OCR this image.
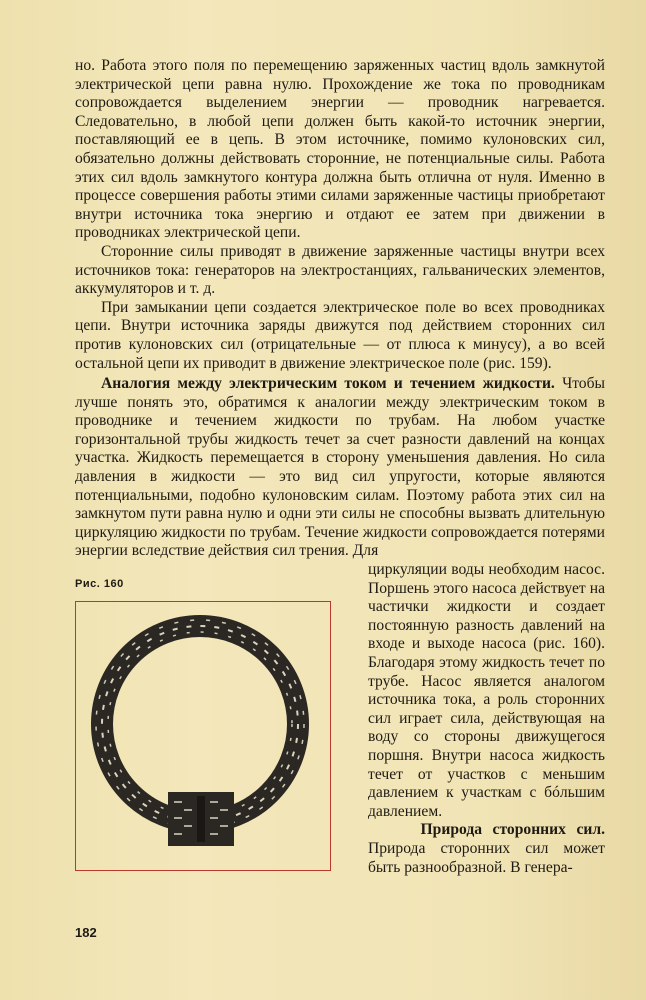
но. Работа этого поля по перемещению заряженных частиц вдоль замкнутой электрической цепи равна нулю. Прохождение же тока по проводникам сопровождается выделением энергии — проводник нагревается. Следовательно, в любой цепи должен быть какой-то источник энергии, поставляющий ее в цепь. В этом источнике, помимо кулоновских сил, обязательно должны действовать сторонние, не потенциальные силы. Работа этих сил вдоль замкнутого контура должна быть отлична от нуля. Именно в процессе совершения работы этими силами заряженные частицы приобретают внутри источника тока энергию и отдают ее затем при движении в проводниках электрической цепи.

Сторонние силы приводят в движение заряженные частицы внутри всех источников тока: генераторов на электростанциях, гальванических элементов, аккумуляторов и т. д.

При замыкании цепи создается электрическое поле во всех проводниках цепи. Внутри источника заряды движутся под действием сторонних сил против кулоновских сил (отрицательные — от плюса к минусу), а во всей остальной цепи их приводит в движение электрическое поле (рис. 159).

Аналогия между электрическим током и течением жидкости. Чтобы лучше понять это, обратимся к аналогии между электрическим током в проводнике и течением жидкости по трубам. На любом участке горизонтальной трубы жидкость течет за счет разности давлений на концах участка. Жидкость перемещается в сторону уменьшения давления. Но сила давления в жидкости — это вид сил упругости, которые являются потенциальными, подобно кулоновским силам. Поэтому работа этих сил на замкнутом пути равна нулю и одни эти силы не способны вызвать длительную циркуляцию жидкости по трубам. Течение жидкости сопровождается потерями энергии вследствие действия сил трения. Для

Рис. 160
циркуляции воды необходим насос. Поршень этого насоса действует на частички жидкости и создает постоянную разность давлений на входе и выходе насоса (рис. 160). Благодаря этому жидкость течет по трубе. Насос является аналогом источника тока, а роль сторонних сил играет сила, действующая на воду со стороны движущегося поршня. Внутри насоса жидкость течет от участков с меньшим давлением к участкам с бóльшим давлением.
Природа сторонних сил. Природа сторонних сил может быть разнообразной. В генера-

182
